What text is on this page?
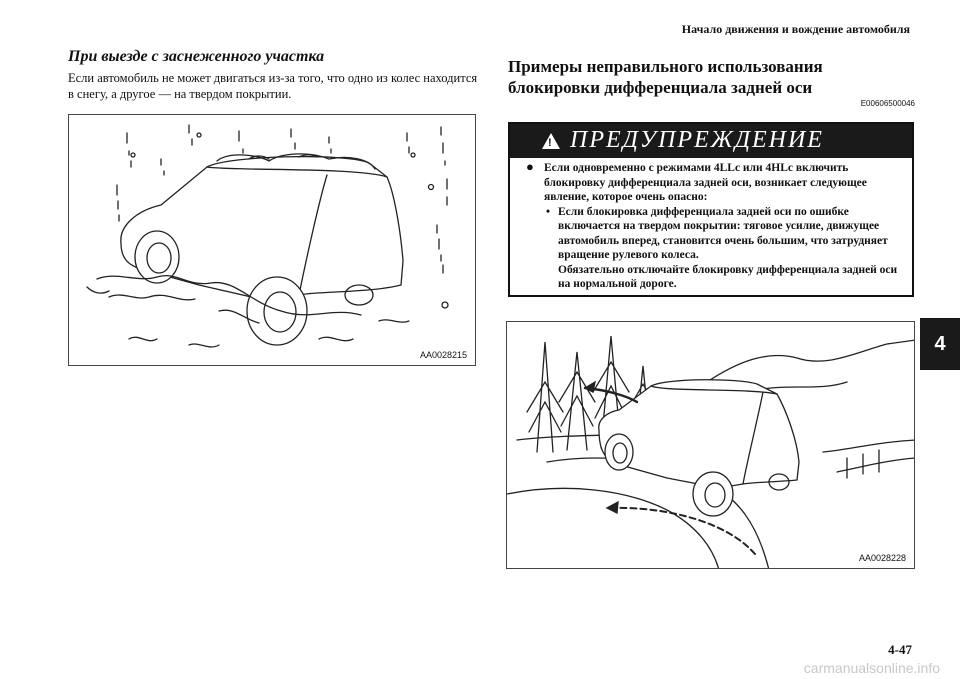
Начало движения и вождение автомобиля
При выезде с заснеженного участка
Если автомобиль не может двигаться из-за того, что одно из колес находится в снегу, а другое — на твердом покрытии.
AA0028215
Примеры неправильного использования
блокировки дифференциала задней оси
E00606500046
! ПРЕДУПРЕЖДЕНИЕ
● Если одновременно с режимами 4LLc или 4HLc включить блокировку дифференциала задней оси, возникает следующее явление, которое очень опасно:
• Если блокировка дифференциала задней оси по ошибке включается на твердом покрытии: тяговое усилие, движущее автомобиль вперед, становится очень большим, что затрудняет вращение рулевого колеса.
Обязательно отключайте блокировку дифференциала задней оси на нормальной дороге.
AA0028228
4
4-47
carmanualsonline.info
